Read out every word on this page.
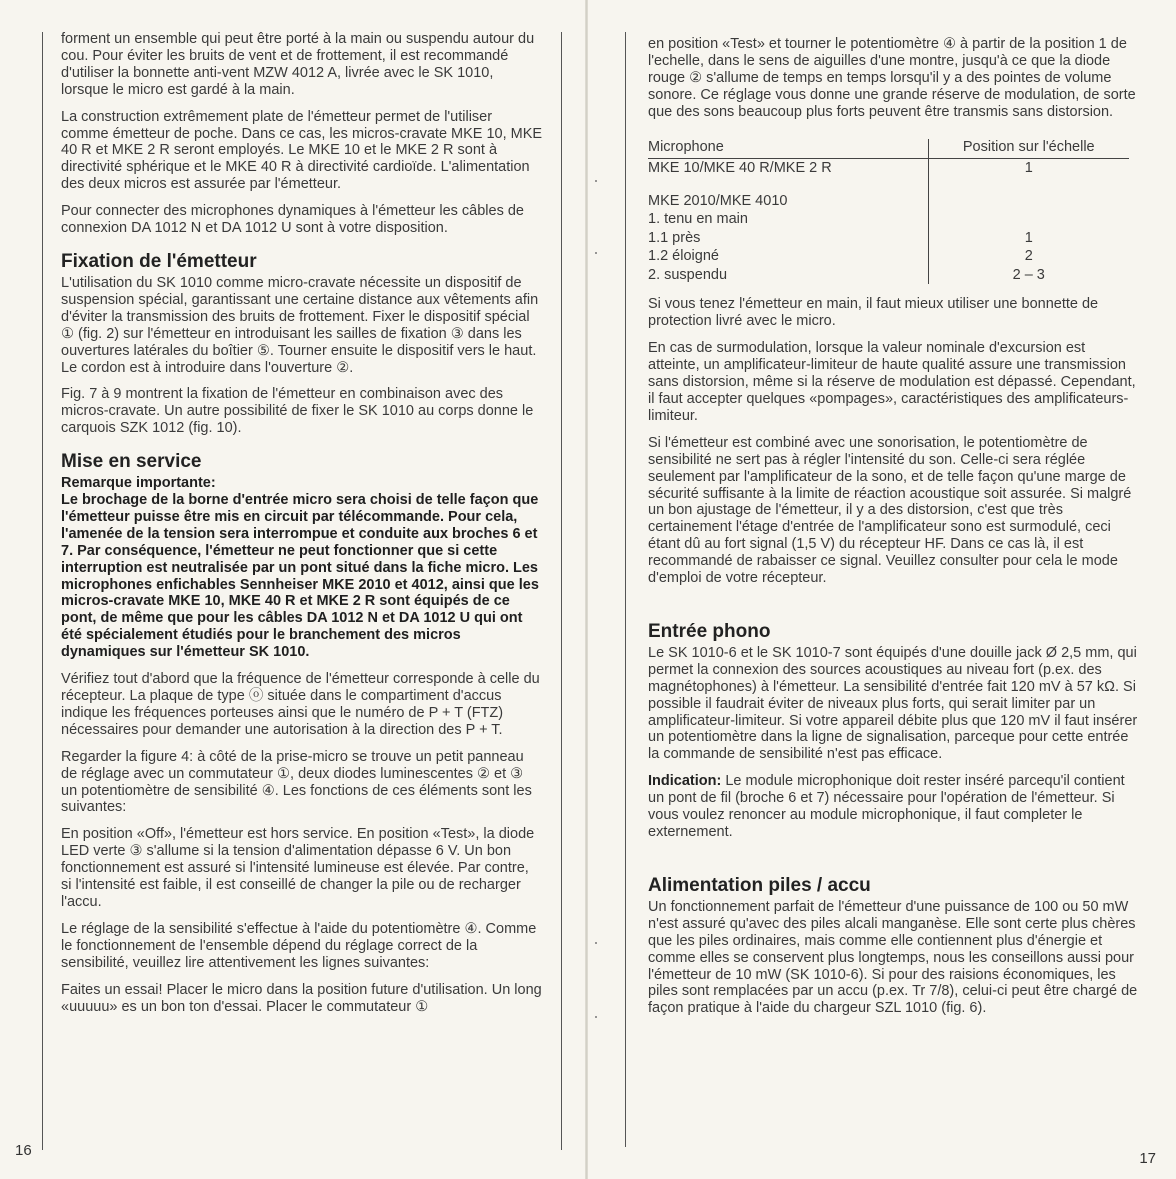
forment un ensemble qui peut être porté à la main ou suspendu autour du cou. Pour éviter les bruits de vent et de frottement, il est recommandé d'utiliser la bonnette anti-vent MZW 4012 A, livrée avec le SK 1010, lorsque le micro est gardé à la main.

La construction extrêmement plate de l'émetteur permet de l'utiliser comme émetteur de poche. Dans ce cas, les micros-cravate MKE 10, MKE 40 R et MKE 2 R seront employés. Le MKE 10 et le MKE 2 R sont à directivité sphérique et le MKE 40 R à directivité cardioïde. L'alimentation des deux micros est assurée par l'émetteur.

Pour connecter des microphones dynamiques à l'émetteur les câbles de connexion DA 1012 N et DA 1012 U sont à votre disposition.

Fixation de l'émetteur

L'utilisation du SK 1010 comme micro-cravate nécessite un dispositif de suspension spécial, garantissant une certaine distance aux vêtements afin d'éviter la transmission des bruits de frottement. Fixer le dispositif spécial ① (fig. 2) sur l'émetteur en introduisant les sailles de fixation ③ dans les ouvertures latérales du boîtier ⑤. Tourner ensuite le dispositif vers le haut. Le cordon est à introduire dans l'ouverture ②.

Fig. 7 à 9 montrent la fixation de l'émetteur en combinaison avec des micros-cravate. Un autre possibilité de fixer le SK 1010 au corps donne le carquois SZK 1012 (fig. 10).

Mise en service
Remarque importante:
Le brochage de la borne d'entrée micro sera choisi de telle façon que l'émetteur puisse être mis en circuit par télécommande. Pour cela, l'amenée de la tension sera interrompue et conduite aux broches 6 et 7. Par conséquence, l'émetteur ne peut fonctionner que si cette interruption est neutralisée par un pont situé dans la fiche micro. Les microphones enfichables Sennheiser MKE 2010 et 4012, ainsi que les micros-cravate MKE 10, MKE 40 R et MKE 2 R sont équipés de ce pont, de même que pour les câbles DA 1012 N et DA 1012 U qui ont été spécialement étudiés pour le branchement des micros dynamiques sur l'émetteur SK 1010.

Vérifiez tout d'abord que la fréquence de l'émetteur corresponde à celle du récepteur. La plaque de type ⓞ située dans le compartiment d'accus indique les fréquences porteuses ainsi que le numéro de P + T (FTZ) nécessaires pour demander une autorisation à la direction des P + T.

Regarder la figure 4: à côté de la prise-micro se trouve un petit panneau de réglage avec un commutateur ①, deux diodes luminescentes ② et ③ un potentiomètre de sensibilité ④. Les fonctions de ces éléments sont les suivantes:

En position «Off», l'émetteur est hors service. En position «Test», la diode LED verte ③ s'allume si la tension d'alimentation dépasse 6 V. Un bon fonctionnement est assuré si l'intensité lumineuse est élevée. Par contre, si l'intensité est faible, il est conseillé de changer la pile ou de recharger l'accu.

Le réglage de la sensibilité s'effectue à l'aide du potentiomètre ④. Comme le fonctionnement de l'ensemble dépend du réglage correct de la sensibilité, veuillez lire attentivement les lignes suivantes:

Faites un essai! Placer le micro dans la position future d'utilisation. Un long «uuuuu» es un bon ton d'essai. Placer le commutateur ①

16

en position «Test» et tourner le potentiomètre ④ à partir de la position 1 de l'echelle, dans le sens de aiguilles d'une montre, jusqu'à ce que la diode rouge ② s'allume de temps en temps lorsqu'il y a des pointes de volume sonore. Ce réglage vous donne une grande réserve de modulation, de sorte que des sons beaucoup plus forts peuvent être transmis sans distorsion.

Microphone	Position sur l'échelle
MKE 10/MKE 40 R/MKE 2 R	1

MKE 2010/MKE 4010	
1. tenu en main	
1.1 près	1
1.2 éloigné	2
2. suspendu	2 – 3

Si vous tenez l'émetteur en main, il faut mieux utiliser une bonnette de protection livré avec le micro.

En cas de surmodulation, lorsque la valeur nominale d'excursion est atteinte, un amplificateur-limiteur de haute qualité assure une transmission sans distorsion, même si la réserve de modulation est dépassé. Cependant, il faut accepter quelques «pompages», caractéristiques des amplificateurs-limiteur.

Si l'émetteur est combiné avec une sonorisation, le potentiomètre de sensibilité ne sert pas à régler l'intensité du son. Celle-ci sera réglée seulement par l'amplificateur de la sono, et de telle façon qu'une marge de sécurité suffisante à la limite de réaction acoustique soit assurée. Si malgré un bon ajustage de l'émetteur, il y a des distorsion, c'est que très certainement l'étage d'entrée de l'amplificateur sono est surmodulé, ceci étant dû au fort signal (1,5 V) du récepteur HF. Dans ce cas là, il est recommandé de rabaisser ce signal. Veuillez consulter pour cela le mode d'emploi de votre récepteur.

Entrée phono

Le SK 1010-6 et le SK 1010-7 sont équipés d'une douille jack Ø 2,5 mm, qui permet la connexion des sources acoustiques au niveau fort (p.ex. des magnétophones) à l'émetteur. La sensibilité d'entrée fait 120 mV à 57 kΩ. Si possible il faudrait éviter de niveaux plus forts, qui serait limiter par un amplificateur-limiteur. Si votre appareil débite plus que 120 mV il faut insérer un potentiomètre dans la ligne de signalisation, parceque pour cette entrée la commande de sensibilité n'est pas efficace.

Indication: Le module microphonique doit rester inséré parcequ'il contient un pont de fil (broche 6 et 7) nécessaire pour l'opération de l'émetteur. Si vous voulez renoncer au module microphonique, il faut completer le externement.

Alimentation piles / accu

Un fonctionnement parfait de l'émetteur d'une puissance de 100 ou 50 mW n'est assuré qu'avec des piles alcali manganèse. Elle sont certe plus chères que les piles ordinaires, mais comme elle contiennent plus d'énergie et comme elles se conservent plus longtemps, nous les conseillons aussi pour l'émetteur de 10 mW (SK 1010-6). Si pour des raisions économiques, les piles sont remplacées par un accu (p.ex. Tr 7/8), celui-ci peut être chargé de façon pratique à l'aide du chargeur SZL 1010 (fig. 6).

17
